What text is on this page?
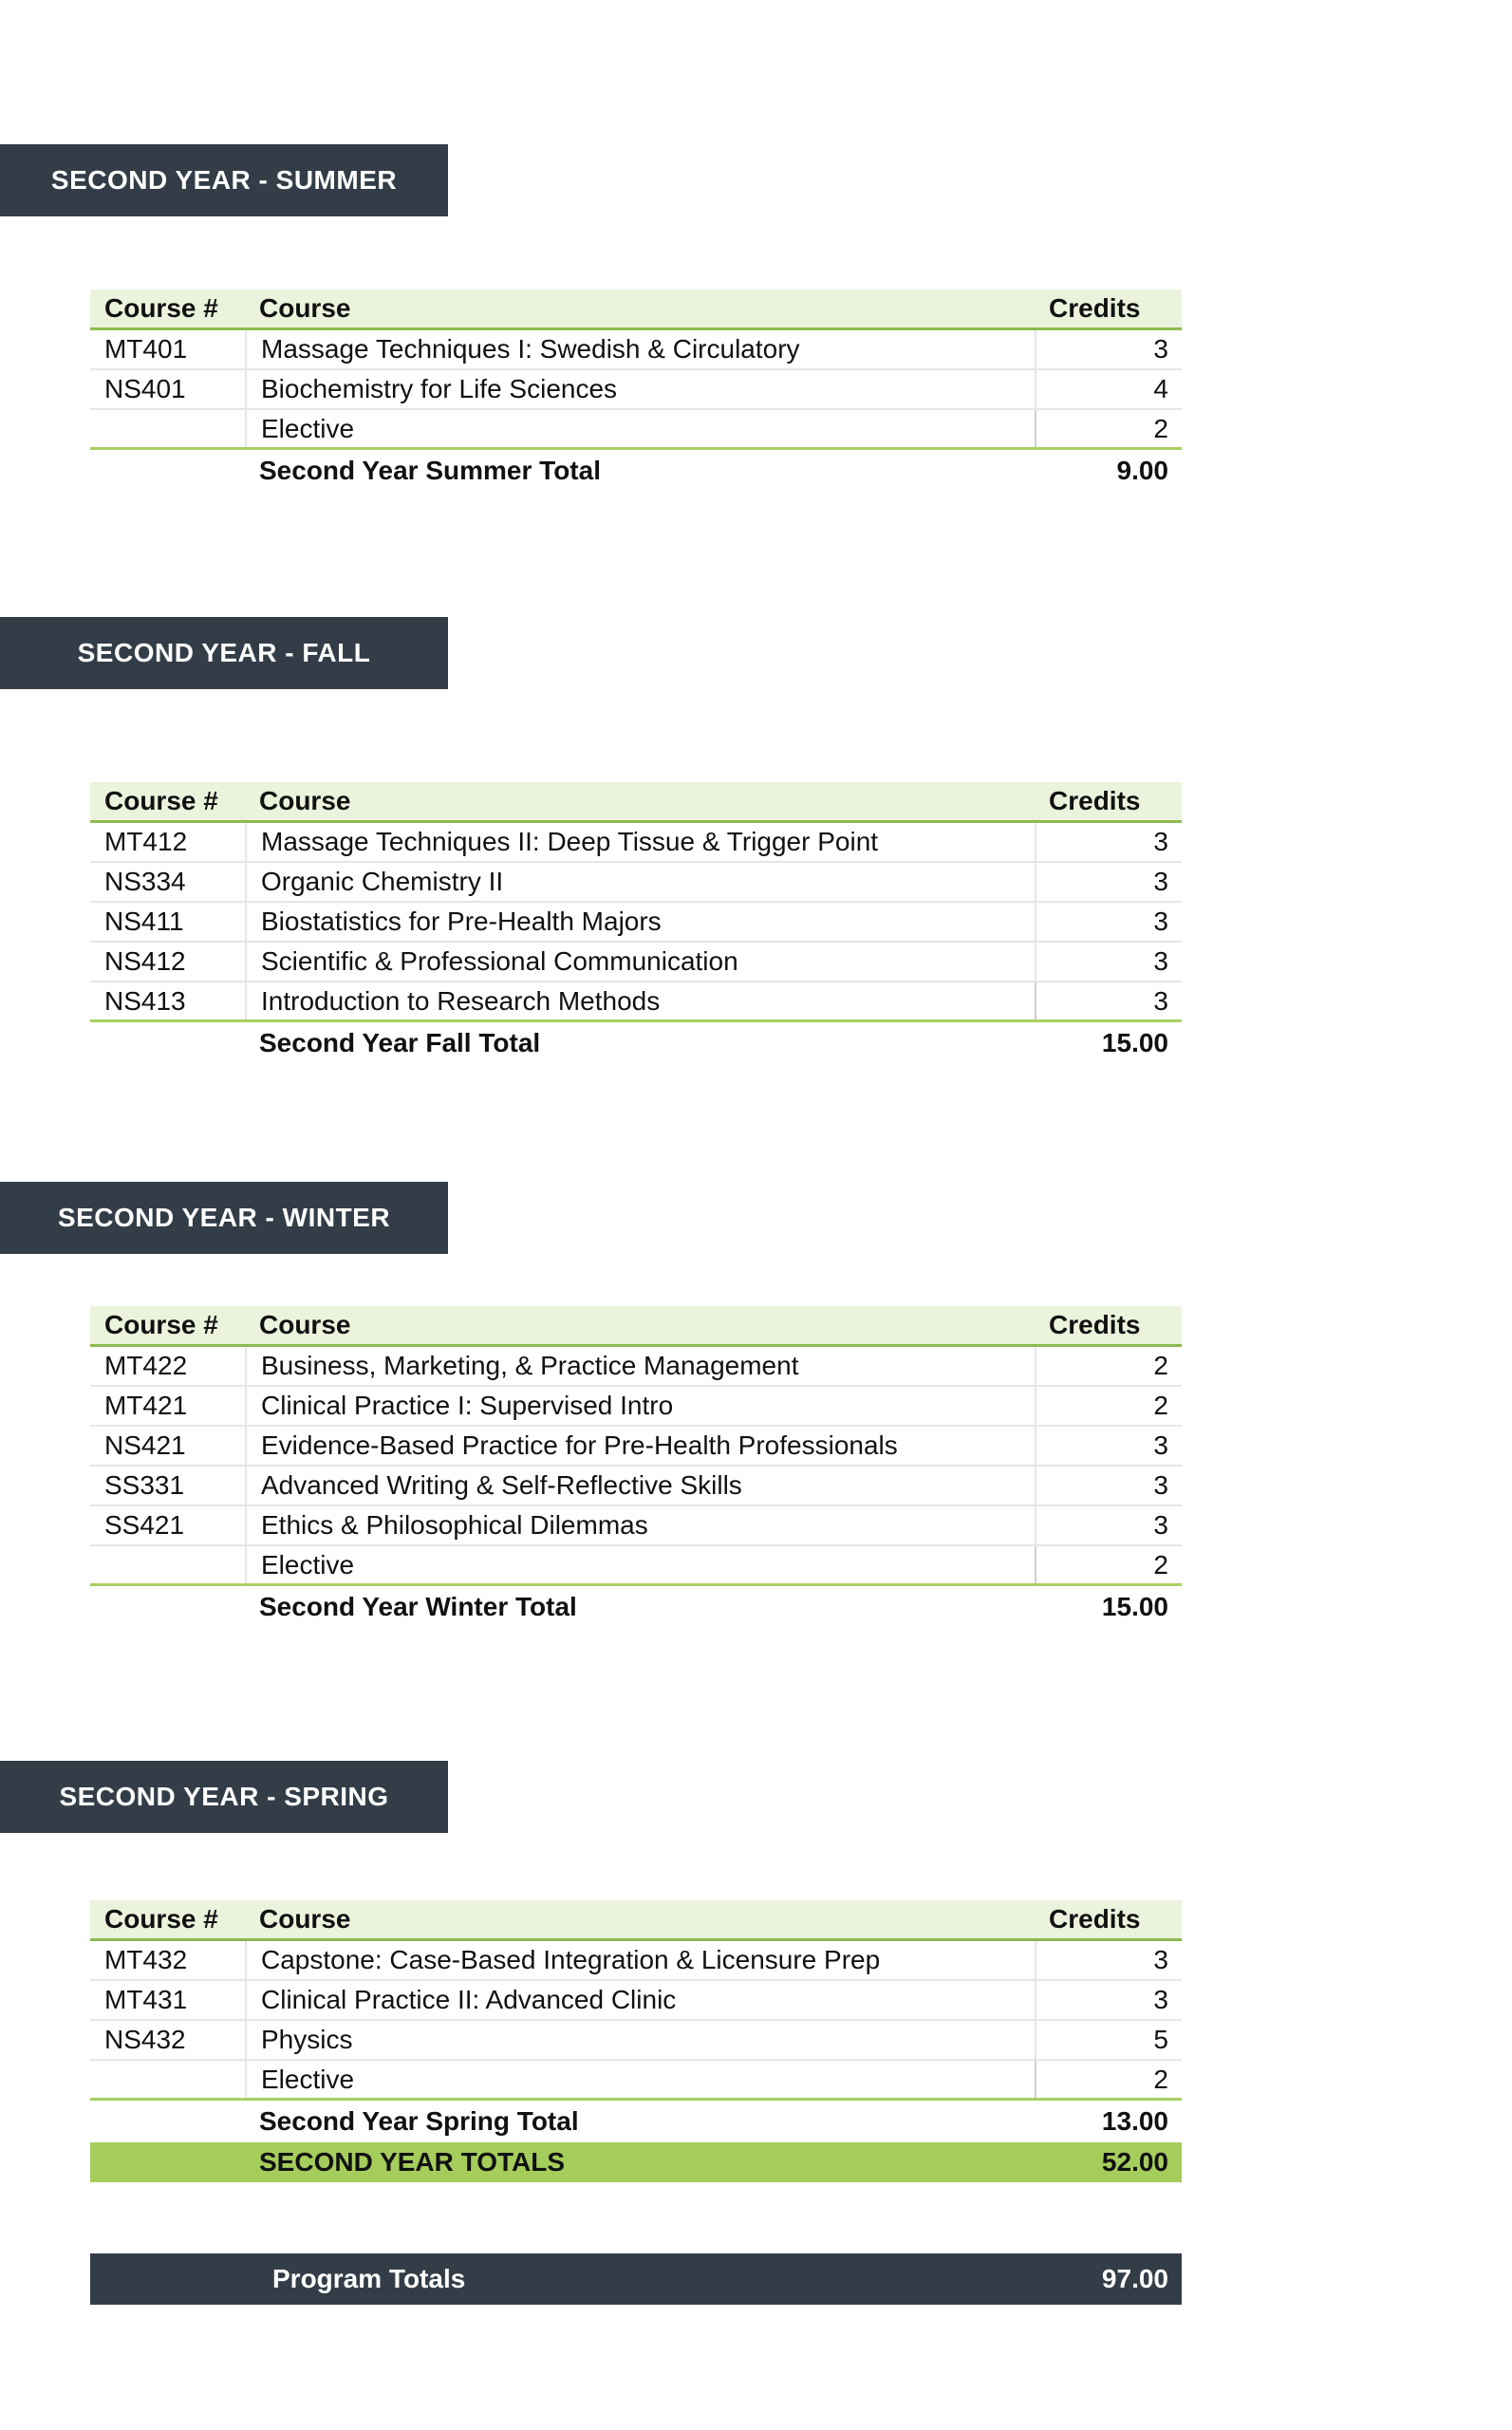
SECOND YEAR - SUMMER
Course #	Course	Credits
MT401	Massage Techniques I: Swedish & Circulatory	3
NS401	Biochemistry for Life Sciences	4
Elective	2
Second Year Summer Total	9.00
SECOND YEAR - FALL
Course #	Course	Credits
MT412	Massage Techniques II: Deep Tissue & Trigger Point	3
NS334	Organic Chemistry II	3
NS411	Biostatistics for Pre-Health Majors	3
NS412	Scientific & Professional Communication	3
NS413	Introduction to Research Methods	3
Second Year Fall Total	15.00
SECOND YEAR - WINTER
Course #	Course	Credits
MT422	Business, Marketing, & Practice Management	2
MT421	Clinical Practice I: Supervised Intro	2
NS421	Evidence-Based Practice for Pre-Health Professionals	3
SS331	Advanced Writing & Self-Reflective Skills	3
SS421	Ethics & Philosophical Dilemmas	3
Elective	2
Second Year Winter Total	15.00
SECOND YEAR - SPRING
Course #	Course	Credits
MT432	Capstone: Case-Based Integration & Licensure Prep	3
MT431	Clinical Practice II: Advanced Clinic	3
NS432	Physics	5
Elective	2
Second Year Spring Total	13.00
SECOND YEAR TOTALS	52.00
Program Totals	97.00
